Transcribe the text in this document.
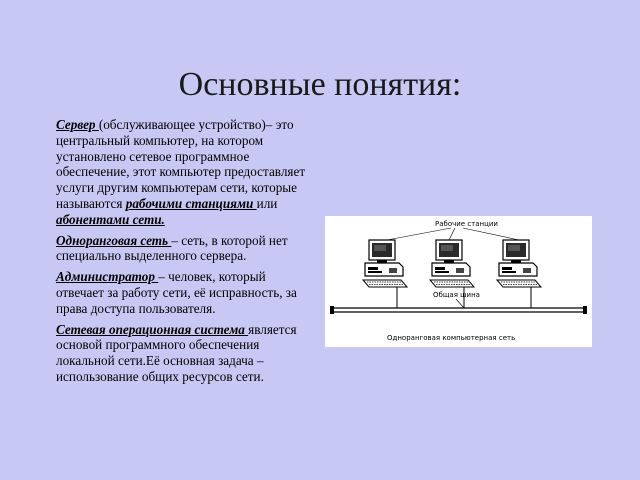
Основные понятия:

Сервер (обслуживающее устройство)– это центральный компьютер, на котором установлено сетевое программное обеспечение, этот компьютер предоставляет услуги другим компьютерам сети, которые называются рабочими станциями или абонентами сети.

Одноранговая сеть – сеть, в которой нет специально выделенного сервера.

Администратор – человек, который отвечает за работу сети, её исправность, за права доступа пользователя.

Сетевая операционная система является основой программного обеспечения локальной сети.Её основная задача – использование общих ресурсов сети.

Рабочие станции
Общая шина
Одноранговая компьютерная сеть
